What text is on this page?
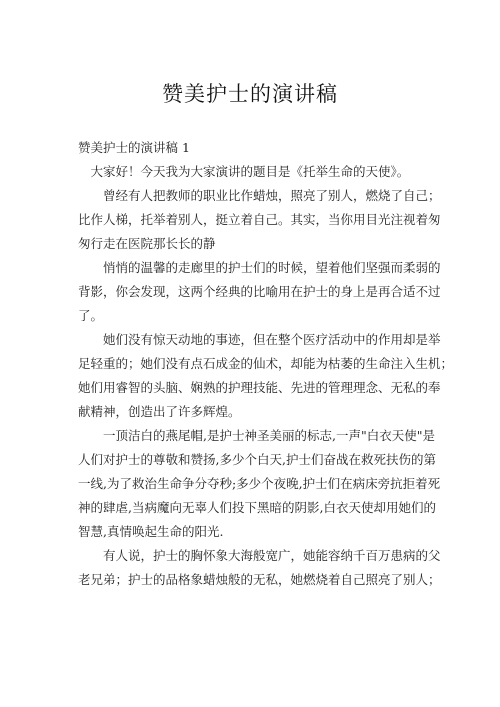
赞美护士的演讲稿
赞美护士的演讲稿 1

大家好！今天我为大家演讲的题目是《托举生命的天使》。

曾经有人把教师的职业比作蜡烛，照亮了别人，燃烧了自己；
比作人梯，托举着别人，挺立着自己。其实，当你用目光注视着匆
匆行走在医院那长长的静

悄悄的温馨的走廊里的护士们的时候，望着他们坚强而柔弱的
背影，你会发现，这两个经典的比喻用在护士的身上是再合适不过
了。

她们没有惊天动地的事迹，但在整个医疗活动中的作用却是举
足轻重的；她们没有点石成金的仙术，却能为枯萎的生命注入生机；
她们用睿智的头脑、娴熟的护理技能、先进的管理理念、无私的奉
献精神，创造出了许多辉煌。

一顶洁白的燕尾帽,是护士神圣美丽的标志,一声"白衣天使"是
人们对护士的尊敬和赞扬,多少个白天,护士们奋战在救死扶伤的第
一线,为了救治生命争分夺秒;多少个夜晚,护士们在病床旁抗拒着死
神的肆虐,当病魔向无辜人们投下黑暗的阴影,白衣天使却用她们的
智慧,真情唤起生命的阳光.

有人说，护士的胸怀象大海般宽广，她能容纳千百万患病的父
老兄弟；护士的品格象蜡烛般的无私，她燃烧着自己照亮了别人；
